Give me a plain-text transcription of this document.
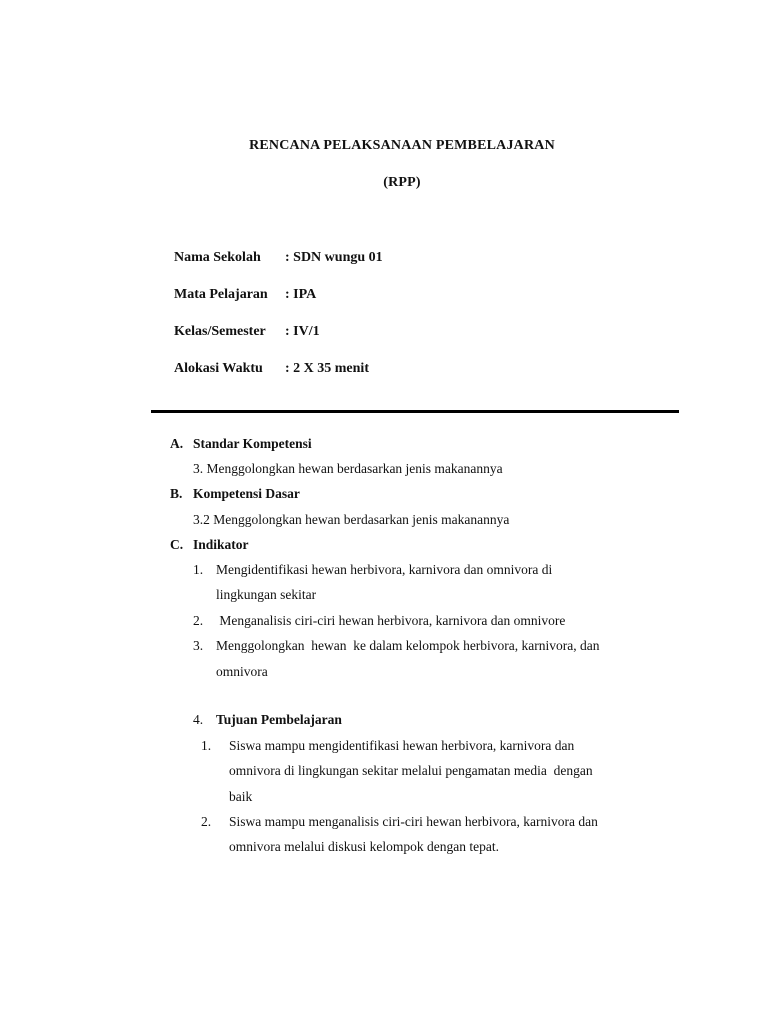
RENCANA PELAKSANAAN PEMBELAJARAN
(RPP)
Nama Sekolah : SDN wungu 01
Mata Pelajaran : IPA
Kelas/Semester : IV/1
Alokasi Waktu : 2 X 35 menit
A. Standar Kompetensi
3. Menggolongkan hewan berdasarkan jenis makanannya
B. Kompetensi Dasar
3.2 Menggolongkan hewan berdasarkan jenis makanannya
C. Indikator
1. Mengidentifikasi hewan herbivora, karnivora dan omnivora di
lingkungan sekitar
2. Menganalisis ciri-ciri hewan herbivora, karnivora dan omnivore
3. Menggolongkan  hewan  ke dalam kelompok herbivora, karnivora, dan
omnivora
4. Tujuan Pembelajaran
1. Siswa mampu mengidentifikasi hewan herbivora, karnivora dan
omnivora di lingkungan sekitar melalui pengamatan media  dengan
baik
2. Siswa mampu menganalisis ciri-ciri hewan herbivora, karnivora dan
omnivora melalui diskusi kelompok dengan tepat.
